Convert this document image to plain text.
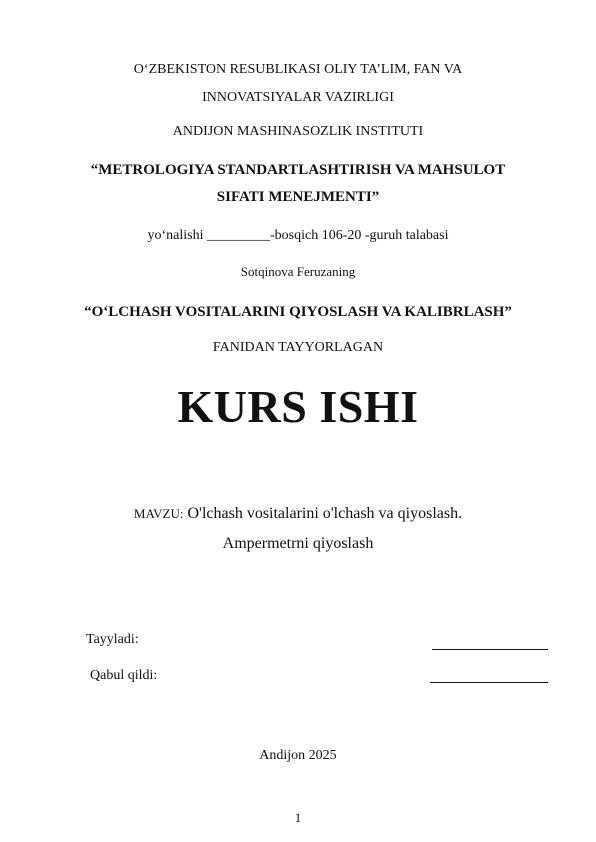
O‘ZBEKISTON RESUBLIKASI OLIY TA’LIM, FAN VA
INNOVATSIYALAR VAZIRLIGI
ANDIJON MASHINASOZLIK INSTITUTI
“METROLOGIYA STANDARTLASHTIRISH VA MAHSULOT
SIFATI MENEJMENTI”
yo‘nalishi _________-bosqich 106-20 -guruh talabasi
Sotqinova Feruzaning
“O‘LCHASH VOSITALARINI QIYOSLASH VA KALIBRLASH”
FANIDAN TAYYORLAGAN
KURS ISHI
MAVZU: O'lchash vositalarini o'lchash va qiyoslash.
Ampermetrni qiyoslash
Tayyladi:
Qabul qildi:
Andijon 2025
1
